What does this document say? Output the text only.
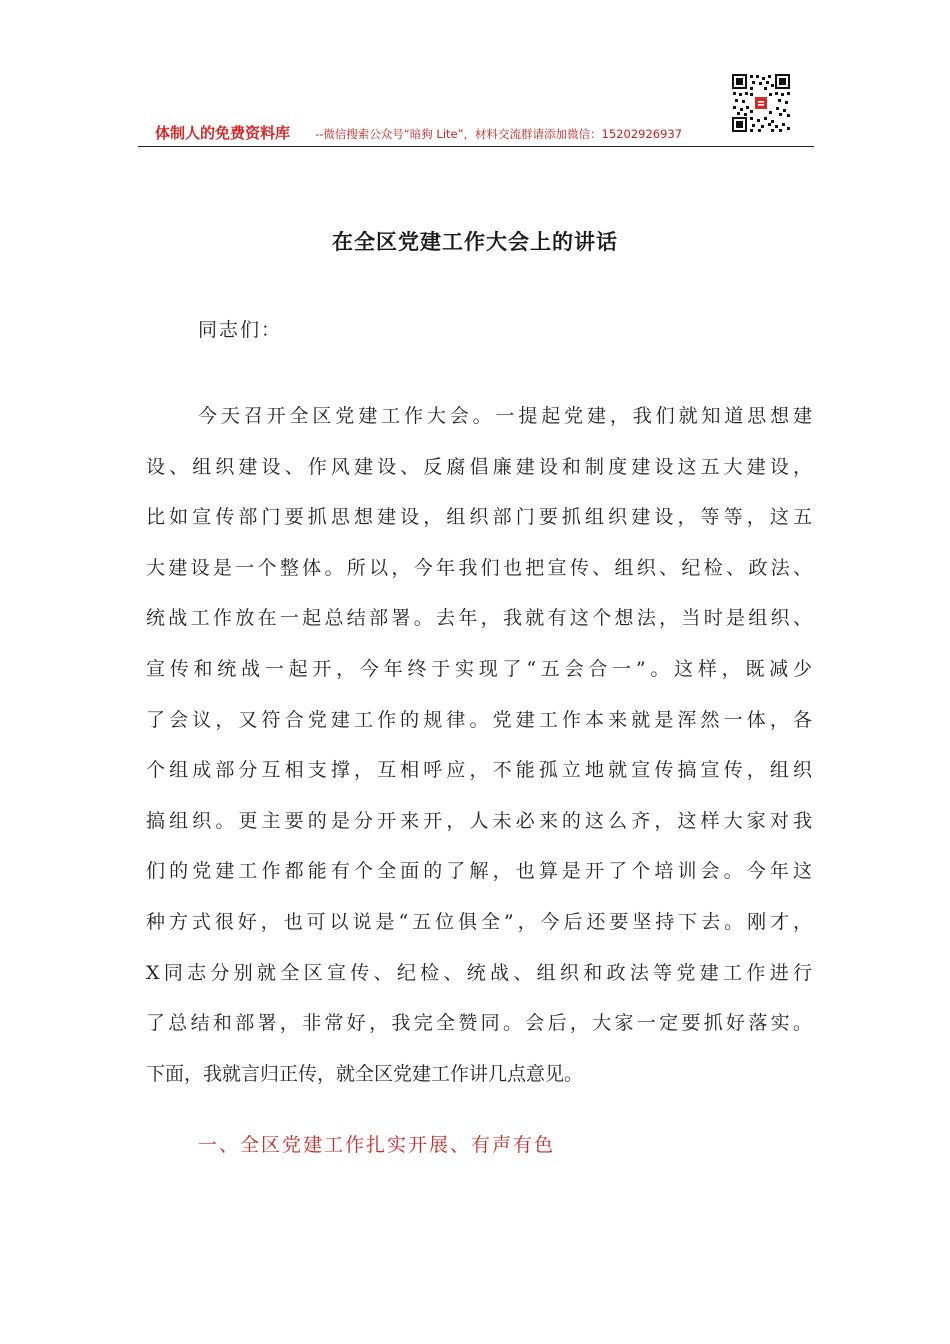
体制人的免费资料库 --微信搜索公众号“暗狗 Lite”，材料交流群请添加微信：15202926937
在全区党建工作大会上的讲话
同志们：
今天召开全区党建工作大会。一提起党建，我们就知道思想建
设、组织建设、作风建设、反腐倡廉建设和制度建设这五大建设，
比如宣传部门要抓思想建设，组织部门要抓组织建设，等等，这五
大建设是一个整体。所以，今年我们也把宣传、组织、纪检、政法、
统战工作放在一起总结部署。去年，我就有这个想法，当时是组织、
宣传和统战一起开，今年终于实现了“五会合一”。这样，既减少
了会议，又符合党建工作的规律。党建工作本来就是浑然一体，各
个组成部分互相支撑，互相呼应，不能孤立地就宣传搞宣传，组织
搞组织。更主要的是分开来开，人未必来的这么齐，这样大家对我
们的党建工作都能有个全面的了解，也算是开了个培训会。今年这
种方式很好，也可以说是“五位俱全”，今后还要坚持下去。刚才，
X同志分别就全区宣传、纪检、统战、组织和政法等党建工作进行
了总结和部署，非常好，我完全赞同。会后，大家一定要抓好落实。
下面，我就言归正传，就全区党建工作讲几点意见。
一、全区党建工作扎实开展、有声有色
